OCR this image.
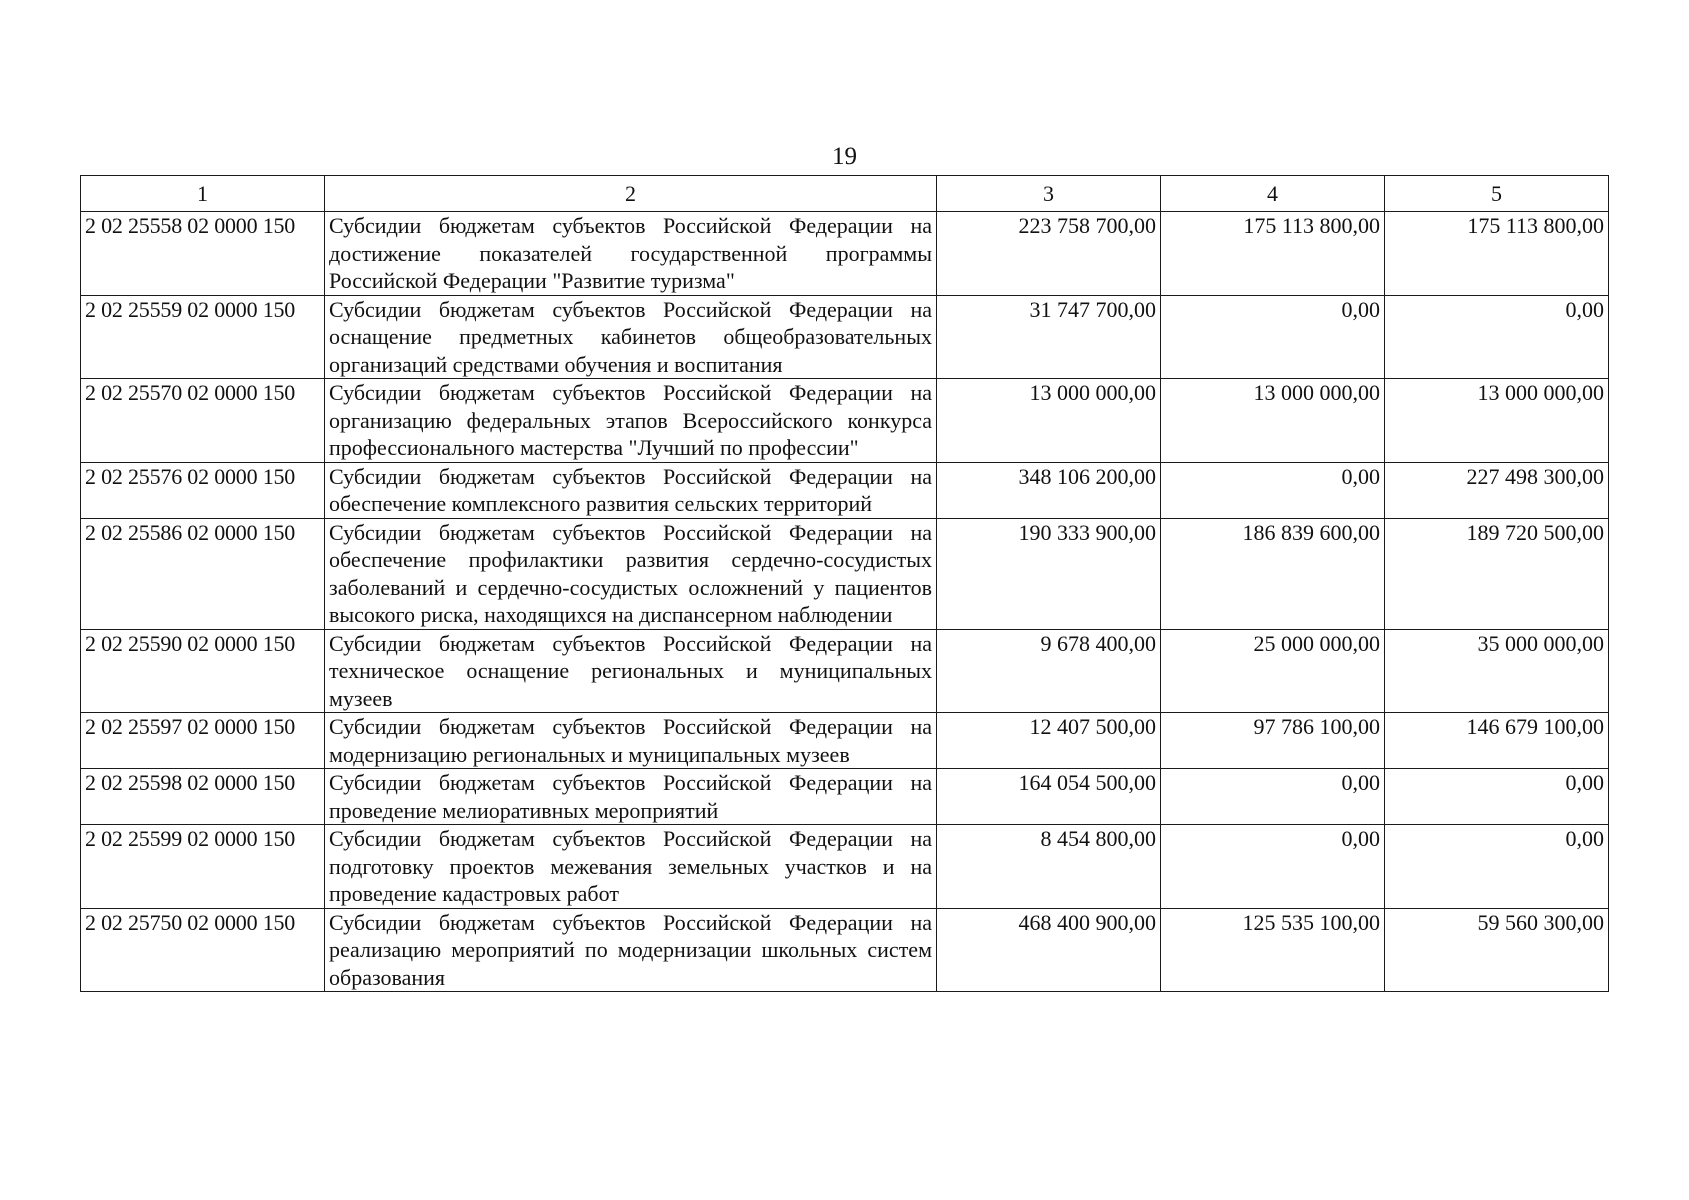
19
1	2	3	4	5
2 02 25558 02 0000 150	Субсидии бюджетам субъектов Российской Федерации на достижение показателей государственной программы Российской Федерации "Развитие туризма"	223 758 700,00	175 113 800,00	175 113 800,00
2 02 25559 02 0000 150	Субсидии бюджетам субъектов Российской Федерации на оснащение предметных кабинетов общеобразовательных организаций средствами обучения и воспитания	31 747 700,00	0,00	0,00
2 02 25570 02 0000 150	Субсидии бюджетам субъектов Российской Федерации на организацию федеральных этапов Всероссийского конкурса профессионального мастерства "Лучший по профессии"	13 000 000,00	13 000 000,00	13 000 000,00
2 02 25576 02 0000 150	Субсидии бюджетам субъектов Российской Федерации на обеспечение комплексного развития сельских территорий	348 106 200,00	0,00	227 498 300,00
2 02 25586 02 0000 150	Субсидии бюджетам субъектов Российской Федерации на обеспечение профилактики развития сердечно-сосудистых заболеваний и сердечно-сосудистых осложнений у пациентов высокого риска, находящихся на диспансерном наблюдении	190 333 900,00	186 839 600,00	189 720 500,00
2 02 25590 02 0000 150	Субсидии бюджетам субъектов Российской Федерации на техническое оснащение региональных и муниципальных музеев	9 678 400,00	25 000 000,00	35 000 000,00
2 02 25597 02 0000 150	Субсидии бюджетам субъектов Российской Федерации на модернизацию региональных и муниципальных музеев	12 407 500,00	97 786 100,00	146 679 100,00
2 02 25598 02 0000 150	Субсидии бюджетам субъектов Российской Федерации на проведение мелиоративных мероприятий	164 054 500,00	0,00	0,00
2 02 25599 02 0000 150	Субсидии бюджетам субъектов Российской Федерации на подготовку проектов межевания земельных участков и на проведение кадастровых работ	8 454 800,00	0,00	0,00
2 02 25750 02 0000 150	Субсидии бюджетам субъектов Российской Федерации на реализацию мероприятий по модернизации школьных систем образования	468 400 900,00	125 535 100,00	59 560 300,00
